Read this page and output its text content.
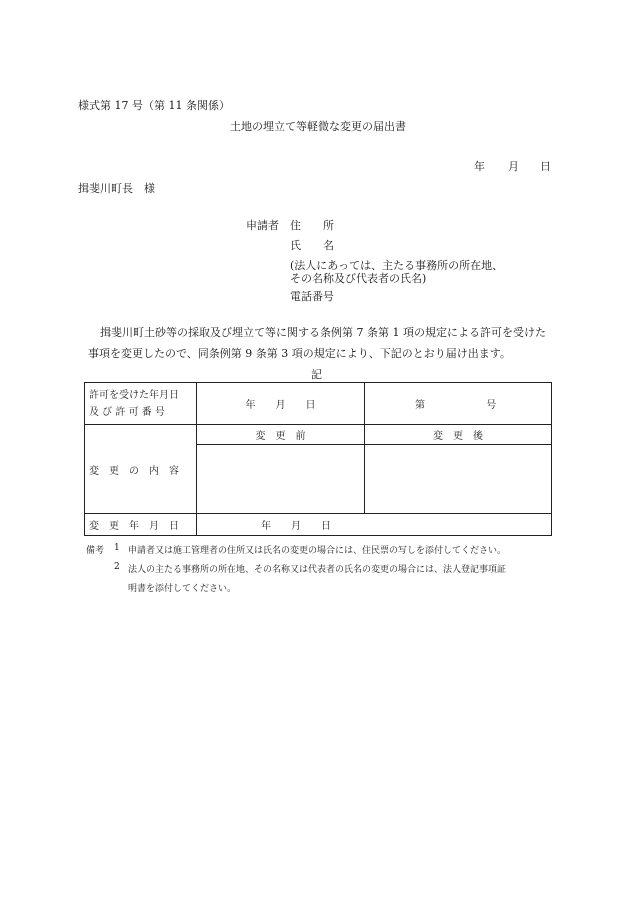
様式第 17 号（第 11 条関係）
土地の埋立て等軽微な変更の届出書
年 月 日
揖斐川町長　様
申請者 住　　所
氏　　名
(法人にあっては、主たる事務所の所在地、
その名称及び代表者の氏名)
電話番号
揖斐川町土砂等の採取及び埋立て等に関する条例第 7 条第 1 項の規定による許可を受けた
事項を変更したので、同条例第 9 条第 3 項の規定により、下記のとおり届け出ます。
記
許可を受けた年月日
及 び 許 可 番 号	年　　月　　日	第 号
変　更　の　内　容	変　更　前	変　更　後

変　更　年　月　日	年　　月　　日	
備考 1 申請者又は施工管理者の住所又は氏名の変更の場合には、住民票の写しを添付してください。
2 法人の主たる事務所の所在地、その名称又は代表者の氏名の変更の場合には、法人登記事項証
明書を添付してください。
